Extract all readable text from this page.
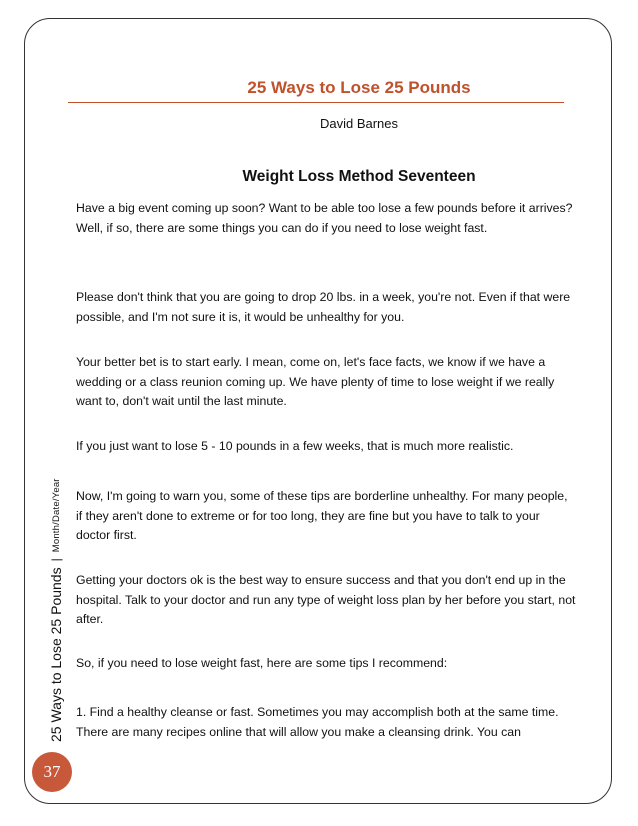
25 Ways to Lose 25 Pounds
David Barnes
Weight Loss Method Seventeen

Have a big event coming up soon? Want to be able too lose a few pounds before it arrives? Well, if so, there are some things you can do if you need to lose weight fast.

Please don't think that you are going to drop 20 lbs. in a week, you're not. Even if that were possible, and I'm not sure it is, it would be unhealthy for you.

Your better bet is to start early. I mean, come on, let's face facts, we know if we have a wedding or a class reunion coming up. We have plenty of time to lose weight if we really want to, don't wait until the last minute.

If you just want to lose 5 - 10 pounds in a few weeks, that is much more realistic.

Now, I'm going to warn you, some of these tips are borderline unhealthy. For many people, if they aren't done to extreme or for too long, they are fine but you have to talk to your doctor first.

Getting your doctors ok is the best way to ensure success and that you don't end up in the hospital. Talk to your doctor and run any type of weight loss plan by her before you start, not after.

So, if you need to lose weight fast, here are some tips I recommend:

1. Find a healthy cleanse or fast. Sometimes you may accomplish both at the same time. There are many recipes online that will allow you make a cleansing drink. You can

25 Ways to Lose 25 Pounds
|
Month/Date/Year
37
